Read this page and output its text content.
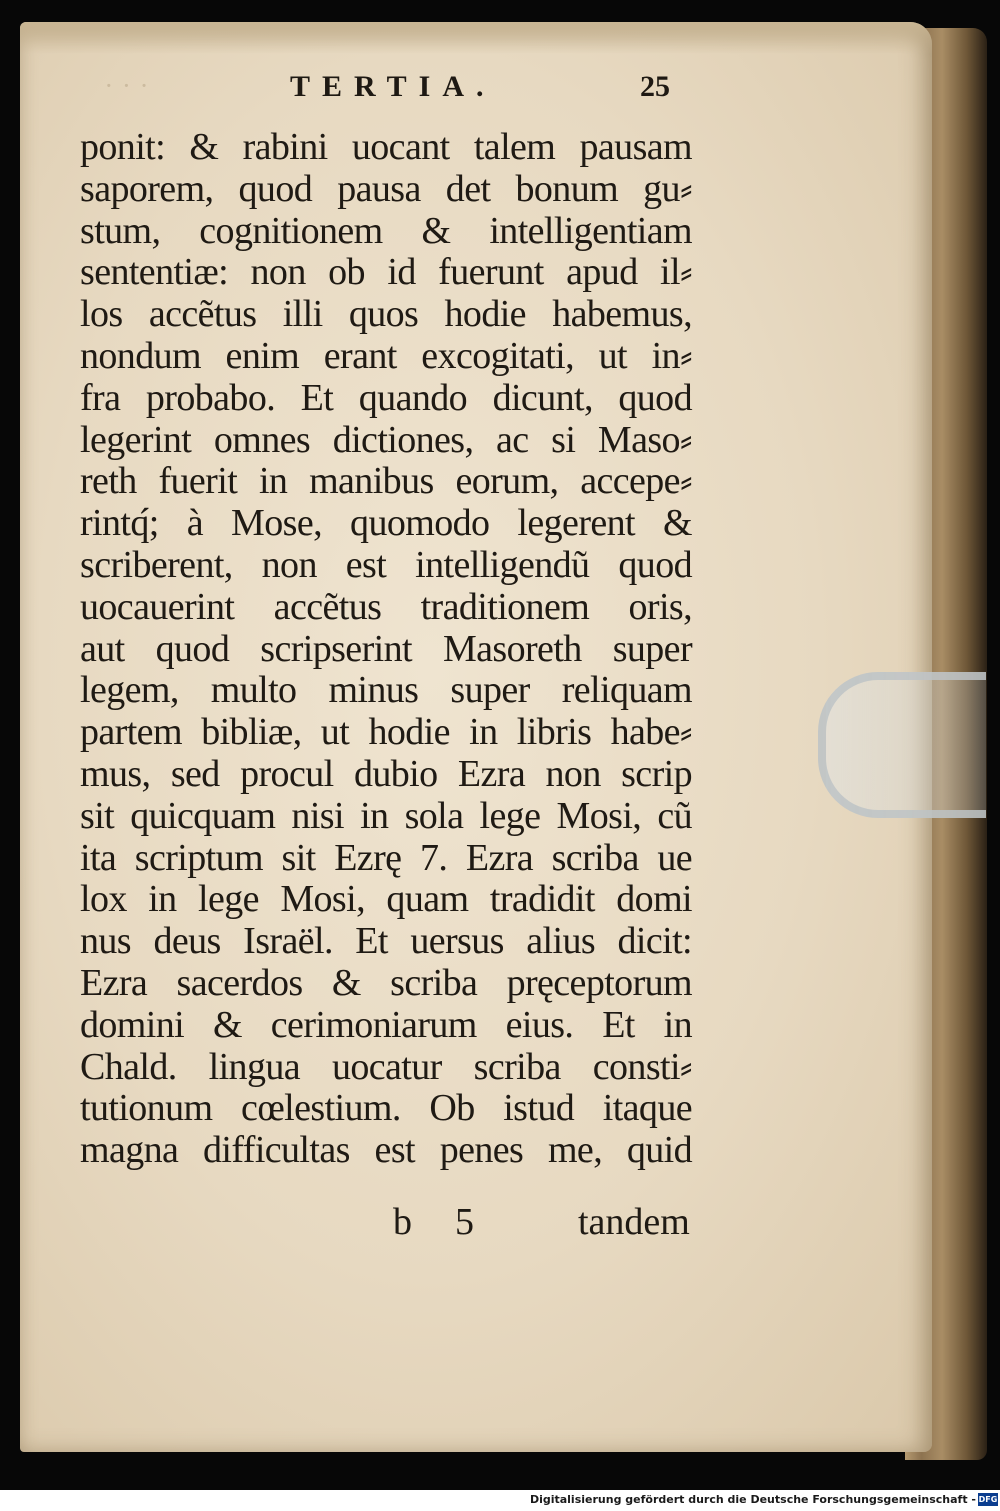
···	TERTIA.	25
ponit: & rabini uocant talem pausam
saporem, quod pausa det bonum gu⸗
stum, cognitionem & intelligentiam
sententiæ: non ob id fuerunt apud il⸗
los accẽtus illi quos hodie habemus,
nondum enim erant excogitati, ut in⸗
fra probabo. Et quando dicunt, quod
legerint omnes dictiones, ac si Maso⸗
reth fuerit in manibus eorum, accepe⸗
rintq́; à Mose, quomodo legerent &
scriberent, non est intelligendũ quod
uocauerint accẽtus traditionem oris,
aut quod scripserint Masoreth super
legem, multo minus super reliquam
partem bibliæ, ut hodie in libris habe⸗
mus, sed procul dubio Ezra non scrip
sit quicquam nisi in sola lege Mosi, cũ
ita scriptum sit Ezrę 7. Ezra scriba ue
lox in lege Mosi, quam tradidit domi
nus deus Israël. Et uersus alius dicit:
Ezra sacerdos & scriba pręceptorum
domini & cerimoniarum eius. Et in
Chald. lingua uocatur scriba consti⸗
tutionum cœlestium. Ob istud itaque
magna difficultas est penes me, quid
b 5	tandem
Digitalisierung gefördert durch die Deutsche Forschungsgemeinschaft - DFG
